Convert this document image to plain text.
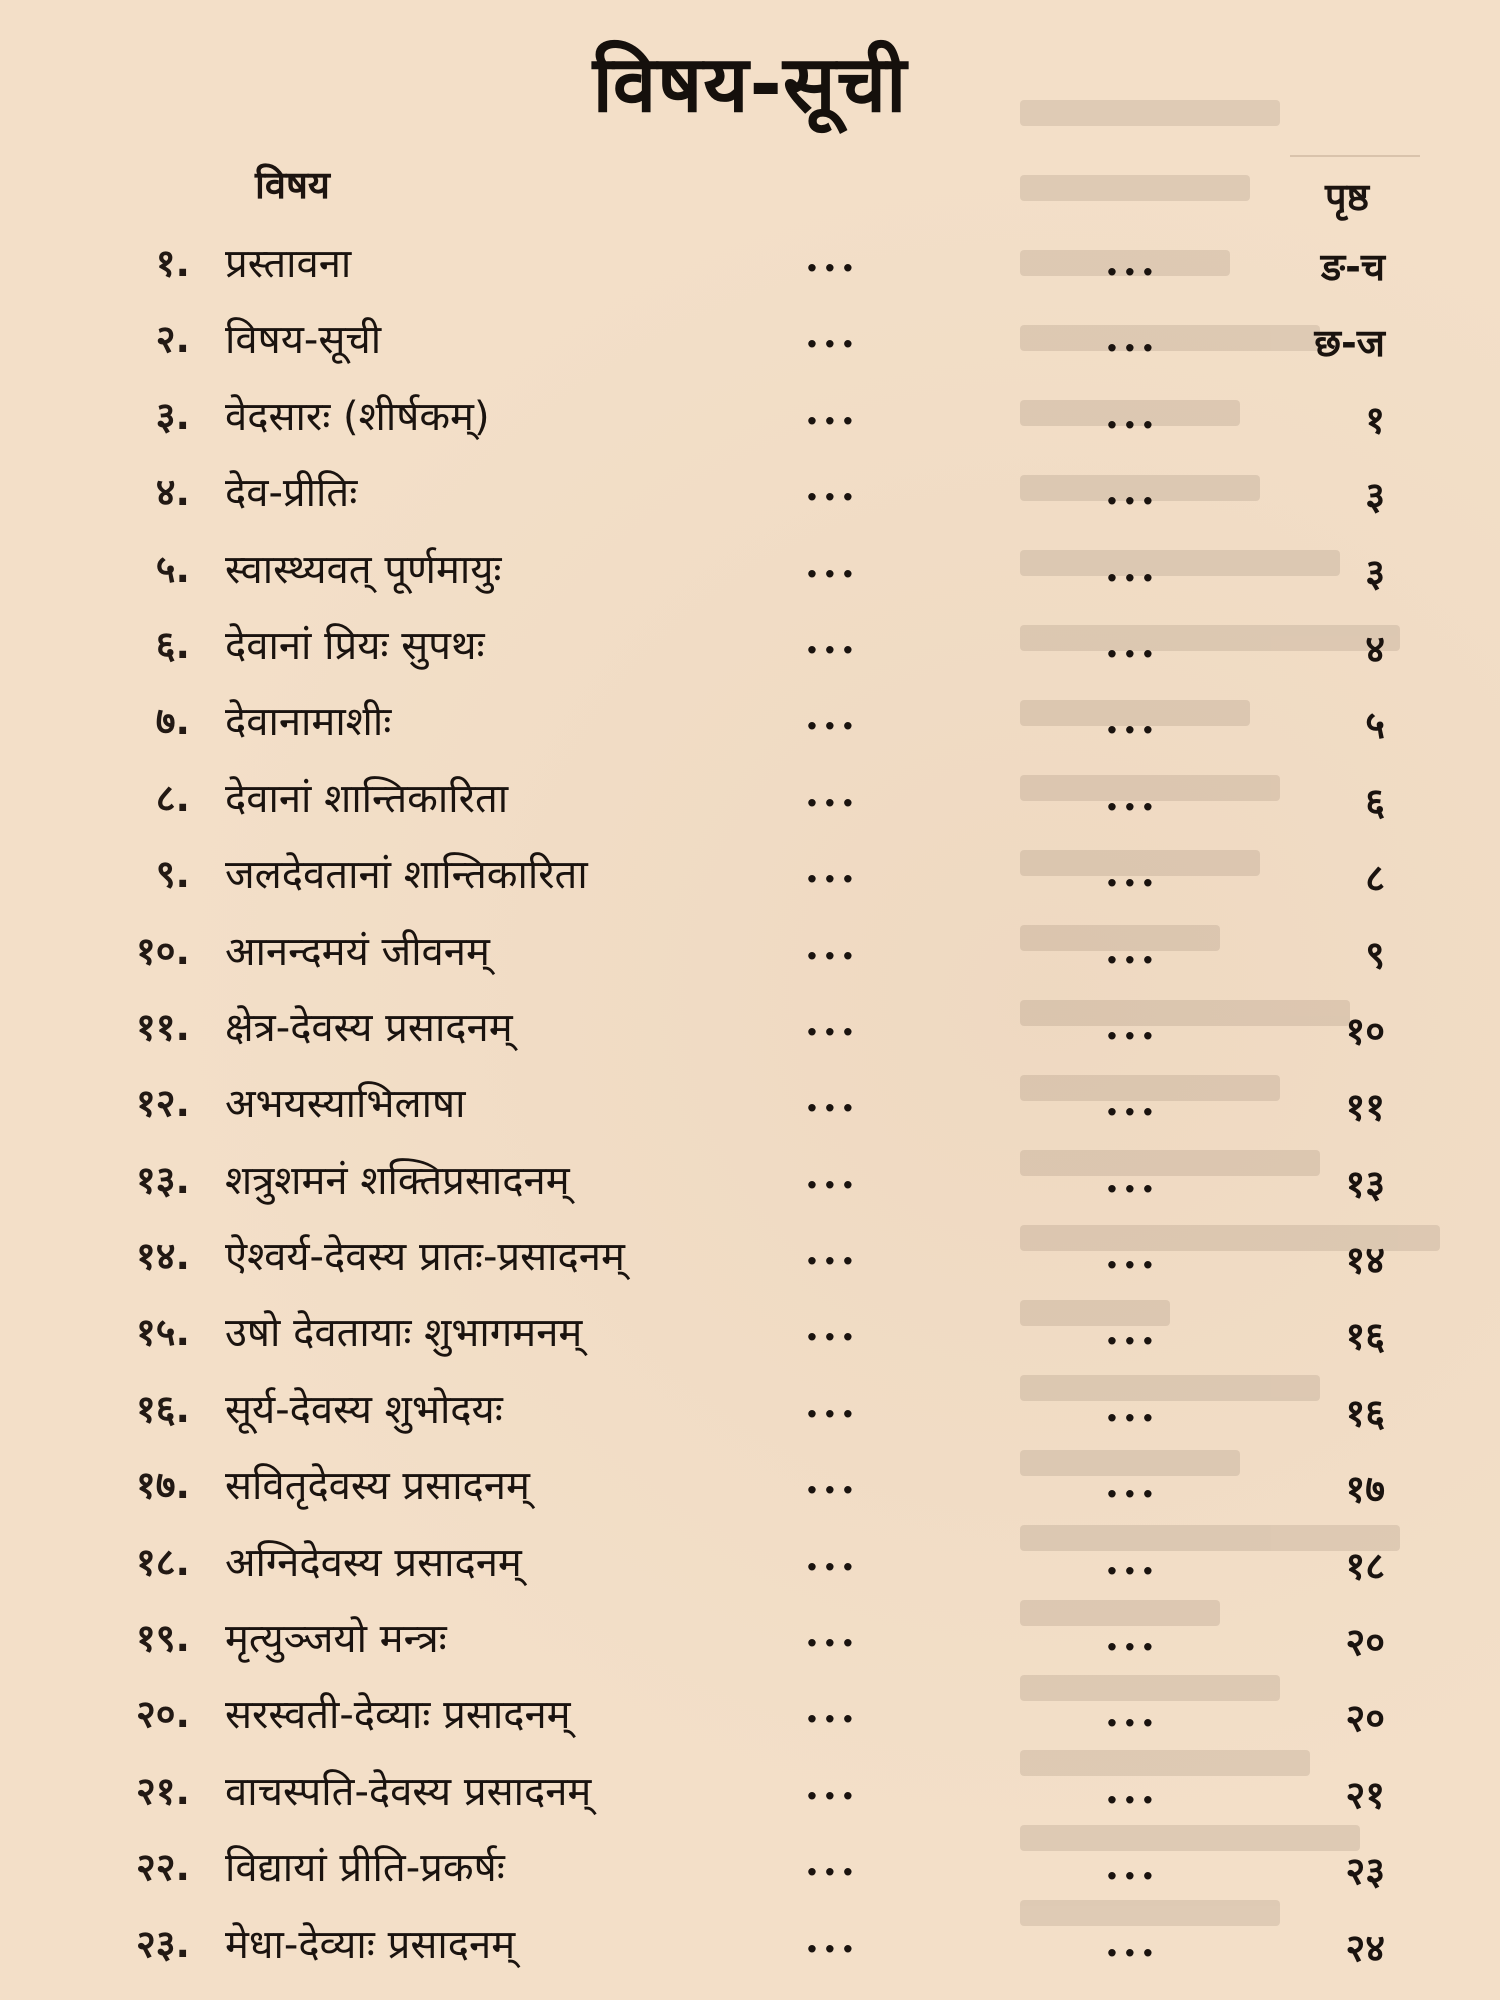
विषय-सूची
विषय	पृष्ठ
१. प्रस्तावना	...	...	ङ-च
२. विषय-सूची	...	...	छ-ज
३. वेदसारः (शीर्षकम्)	...	...	१
४. देव-प्रीतिः	...	...	३
५. स्वास्थ्यवत् पूर्णमायुः	...	...	३
६. देवानां प्रियः सुपथः	...	...	४
७. देवानामाशीः	...	...	५
८. देवानां शान्तिकारिता	...	...	६
९. जलदेवतानां शान्तिकारिता	...	...	८
१०. आनन्दमयं जीवनम्	...	...	९
११. क्षेत्र-देवस्य प्रसादनम्	...	...	१०
१२. अभयस्याभिलाषा	...	...	११
१३. शत्रुशमनं शक्तिप्रसादनम्	...	...	१३
१४. ऐश्वर्य-देवस्य प्रातः-प्रसादनम्	...	...	१४
१५. उषो देवतायाः शुभागमनम्	...	...	१६
१६. सूर्य-देवस्य शुभोदयः	...	...	१६
१७. सवितृदेवस्य प्रसादनम्	...	...	१७
१८. अग्निदेवस्य प्रसादनम्	...	...	१८
१९. मृत्युञ्जयो मन्त्रः	...	...	२०
२०. सरस्वती-देव्याः प्रसादनम्	...	...	२०
२१. वाचस्पति-देवस्य प्रसादनम्	...	...	२१
२२. विद्यायां प्रीति-प्रकर्षः	...	...	२३
२३. मेधा-देव्याः प्रसादनम्	...	...	२४
